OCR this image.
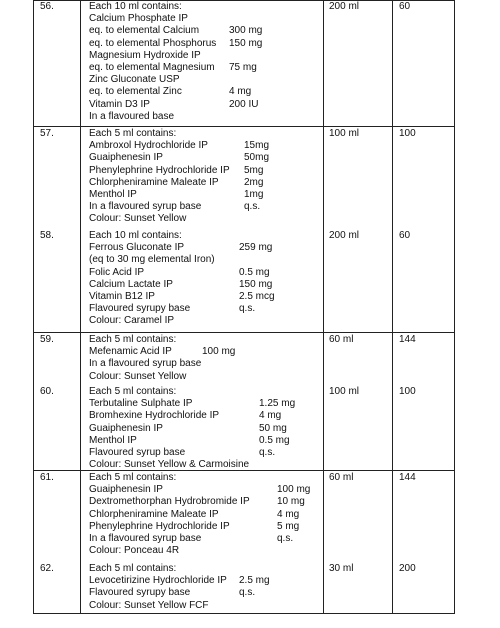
56.	Each 10 ml contains:
Calcium Phosphate IP
eq. to elemental Calcium	300 mg
eq. to elemental Phosphorus 150 mg
Magnesium Hydroxide IP
eq. to elemental Magnesium 75 mg
Zinc Gluconate USP
eq. to elemental Zinc	4 mg
Vitamin D3 IP	200 IU
In a flavoured base
200 ml	60
57.	Each 5 ml contains:
Ambroxol Hydrochloride IP	15mg
Guaiphenesin IP	50mg
Phenylephrine Hydrochloride IP 5mg
Chlorpheniramine Maleate IP	2mg
Menthol IP	1mg
In a flavoured syrup base	q.s.
Colour: Sunset Yellow
100 ml	100
58.	Each 10 ml contains:
Ferrous Gluconate IP	259 mg
(eq to 30 mg elemental Iron)
Folic Acid IP	0.5 mg
Calcium Lactate IP	150 mg
Vitamin B12 IP	2.5 mcg
Flavoured syrupy base	q.s.
Colour: Caramel IP
200 ml	60
59.	Each 5 ml contains:
Mefenamic Acid IP	100 mg
In a flavoured syrup base
Colour: Sunset Yellow
60 ml	144
60.	Each 5 ml contains:
Terbutaline Sulphate IP	1.25 mg
Bromhexine Hydrochloride IP	4 mg
Guaiphenesin IP	50 mg
Menthol IP	0.5 mg
Flavoured syrup base	q.s.
Colour: Sunset Yellow & Carmoisine
100 ml	100
61.	Each 5 ml contains:
Guaiphenesin IP	100 mg
Dextromethorphan Hydrobromide IP	10 mg
Chlorpheniramine Maleate IP	4 mg
Phenylephrine Hydrochloride IP	5 mg
In a flavoured syrup base	q.s.
Colour: Ponceau 4R
60 ml	144
62.	Each 5 ml contains:
Levocetirizine Hydrochloride IP 2.5 mg
Flavoured syrupy base	q.s.
Colour: Sunset Yellow FCF
30 ml	200
